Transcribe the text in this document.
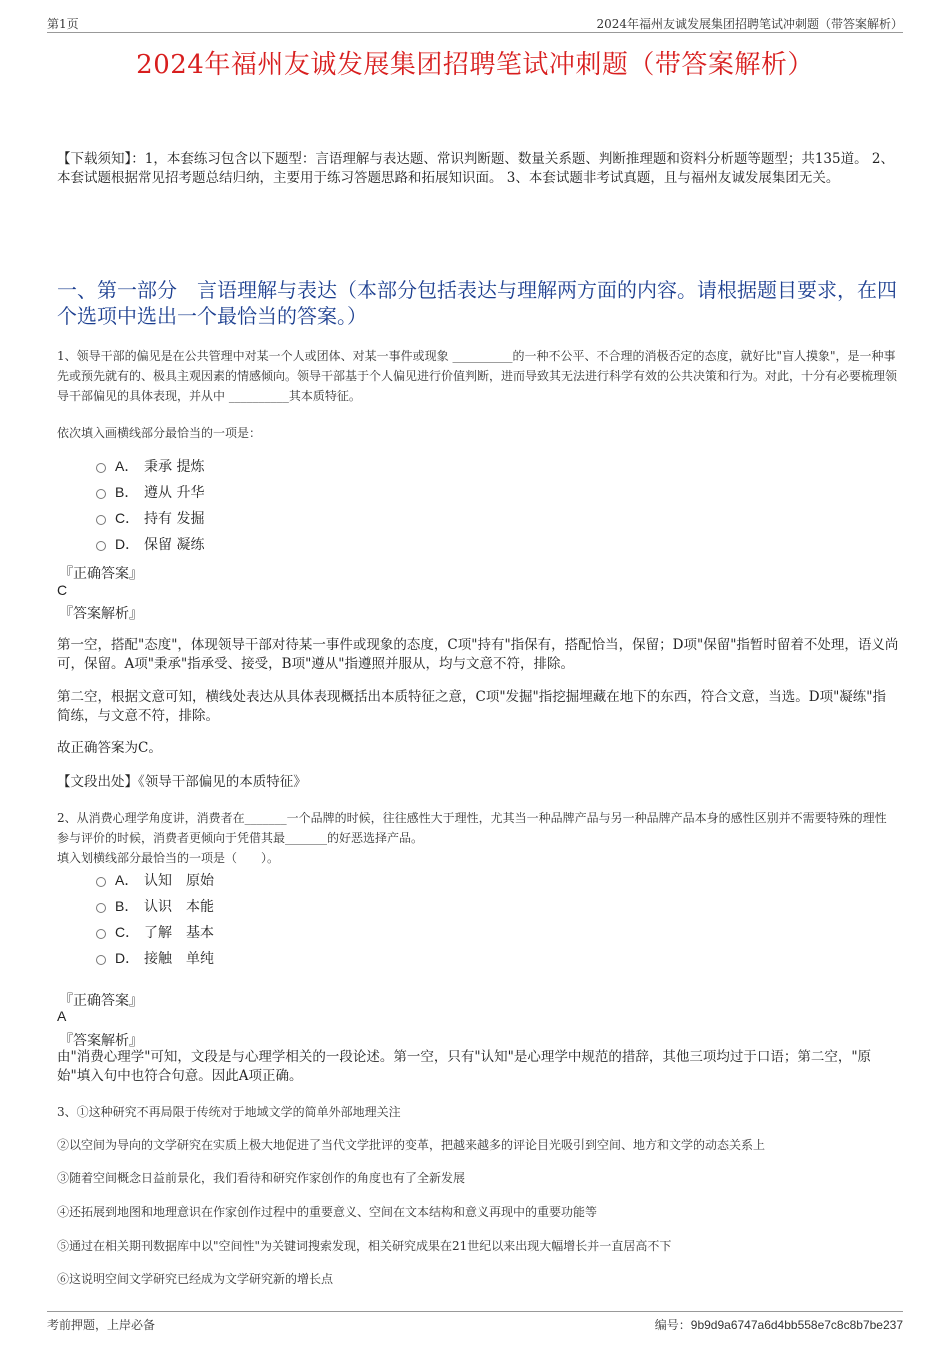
第1页	2024年福州友诚发展集团招聘笔试冲刺题（带答案解析）
2024年福州友诚发展集团招聘笔试冲刺题（带答案解析）
【下载须知】：1，本套练习包含以下题型：言语理解与表达题、常识判断题、数量关系题、判断推理题和资料分析题等题型；共135道。 2、本套试题根据常见招考题总结归纳，主要用于练习答题思路和拓展知识面。 3、本套试题非考试真题，且与福州友诚发展集团无关。
一、第一部分　言语理解与表达（本部分包括表达与理解两方面的内容。请根据题目要求，在四个选项中选出一个最恰当的答案。）
1、领导干部的偏见是在公共管理中对某一个人或团体、对某一事件或现象 __________的一种不公平、不合理的消极否定的态度，就好比"盲人摸象"，是一种事先或预先就有的、极具主观因素的情感倾向。领导干部基于个人偏见进行价值判断，进而导致其无法进行科学有效的公共决策和行为。对此，十分有必要梳理领导干部偏见的具体表现，并从中 __________其本质特征。
依次填入画横线部分最恰当的一项是：
A． 秉承 提炼
B． 遵从 升华
C． 持有 发掘
D． 保留 凝练
『正确答案』
C
『答案解析』
第一空，搭配"态度"，体现领导干部对待某一事件或现象的态度，C项"持有"指保有，搭配恰当，保留；D项"保留"指暂时留着不处理，语义尚可，保留。A项"秉承"指承受、接受，B项"遵从"指遵照并服从，均与文意不符，排除。
第二空，根据文意可知，横线处表达从具体表现概括出本质特征之意，C项"发掘"指挖掘埋藏在地下的东西，符合文意，当选。D项"凝练"指简练，与文意不符，排除。
故正确答案为C。
【文段出处】《领导干部偏见的本质特征》
2、从消费心理学角度讲，消费者在_______一个品牌的时候，往往感性大于理性，尤其当一种品牌产品与另一种品牌产品本身的感性区别并不需要特殊的理性参与评价的时候，消费者更倾向于凭借其最_______的好恶选择产品。
填入划横线部分最恰当的一项是（　　）。
A． 认知　原始
B． 认识　本能
C． 了解　基本
D． 接触　单纯
『正确答案』
A
『答案解析』
由"消费心理学"可知，文段是与心理学相关的一段论述。第一空，只有"认知"是心理学中规范的措辞，其他三项均过于口语；第二空，"原始"填入句中也符合句意。因此A项正确。
3、①这种研究不再局限于传统对于地域文学的简单外部地理关注
②以空间为导向的文学研究在实质上极大地促进了当代文学批评的变革，把越来越多的评论目光吸引到空间、地方和文学的动态关系上
③随着空间概念日益前景化，我们看待和研究作家创作的角度也有了全新发展
④还拓展到地图和地理意识在作家创作过程中的重要意义、空间在文本结构和意义再现中的重要功能等
⑤通过在相关期刊数据库中以"空间性"为关键词搜索发现，相关研究成果在21世纪以来出现大幅增长并一直居高不下
⑥这说明空间文学研究已经成为文学研究新的增长点
考前押题，上岸必备	编号：9b9d9a6747a6d4bb558e7c8c8b7be237
